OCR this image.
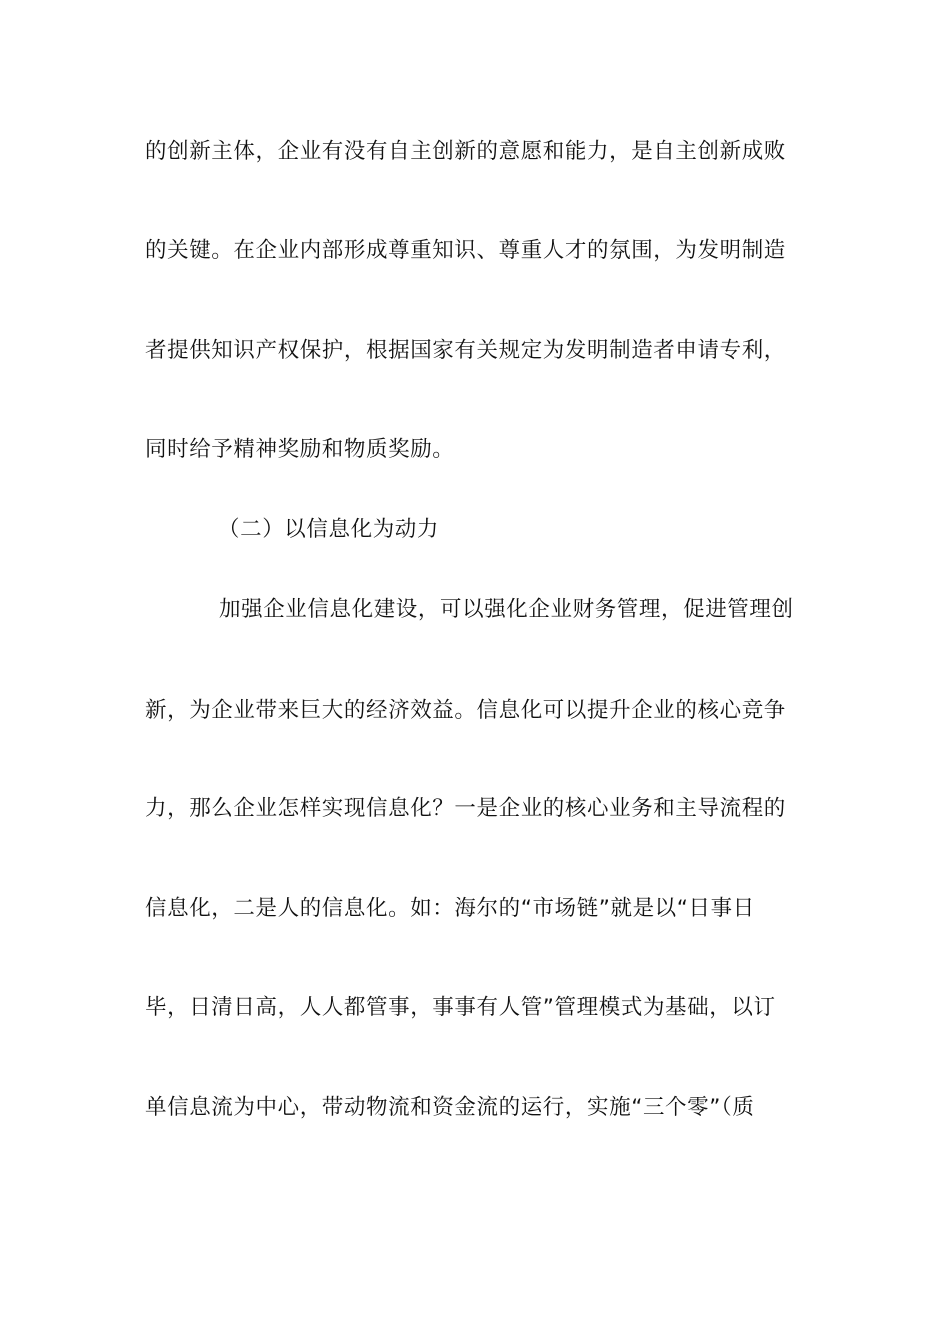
的创新主体，企业有没有自主创新的意愿和能力，是自主创新成败
的关键。在企业内部形成尊重知识、尊重人才的氛围，为发明制造
者提供知识产权保护，根据国家有关规定为发明制造者申请专利，
同时给予精神奖励和物质奖励。
（二）以信息化为动力
加强企业信息化建设，可以强化企业财务管理，促进管理创
新，为企业带来巨大的经济效益。信息化可以提升企业的核心竞争
力，那么企业怎样实现信息化？一是企业的核心业务和主导流程的
信息化，二是人的信息化。如：海尔的“市场链”就是以“日事日
毕，日清日高，人人都管事，事事有人管”管理模式为基础，以订
单信息流为中心，带动物流和资金流的运行，实施“三个零”（质
